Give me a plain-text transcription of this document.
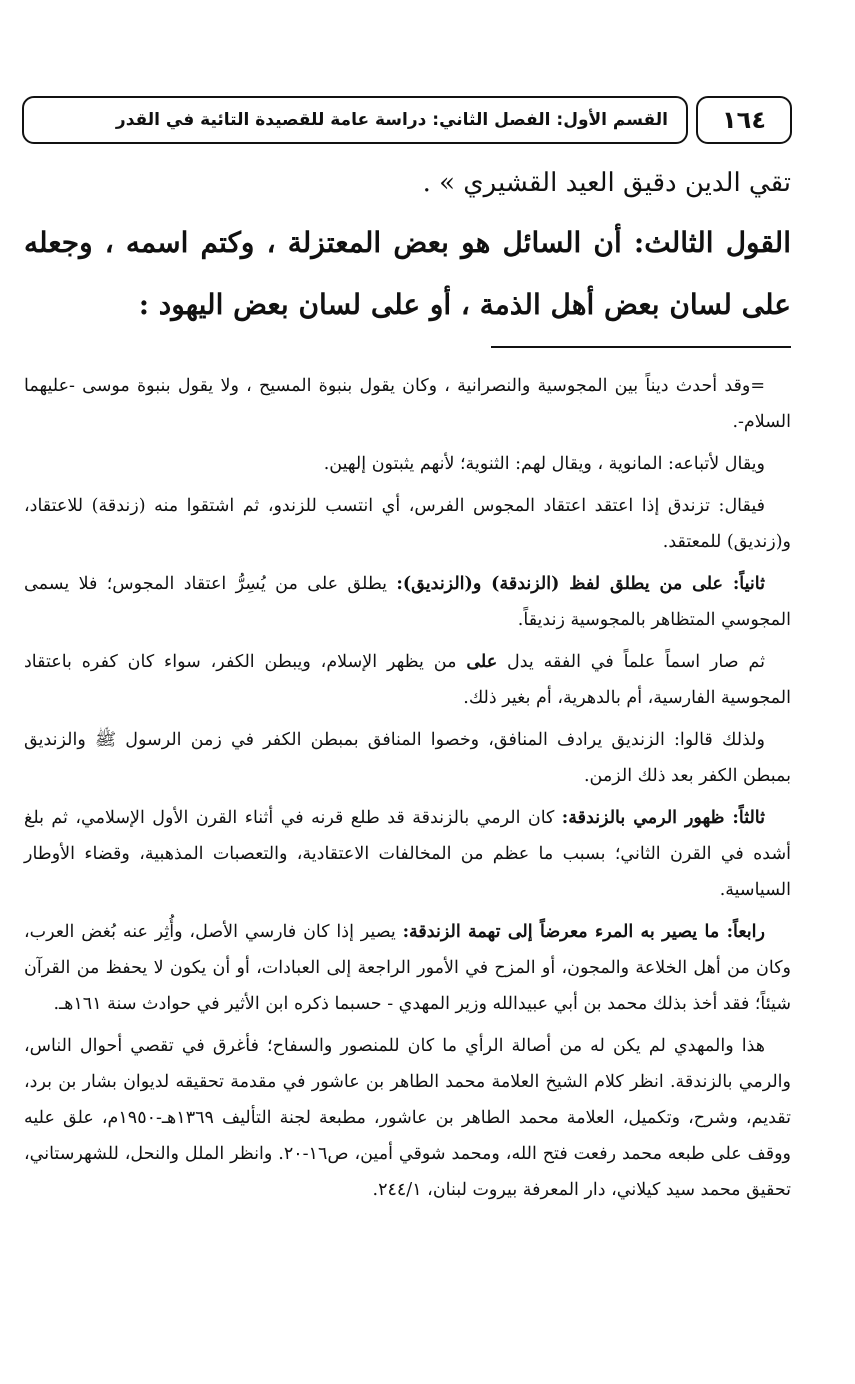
١٦٤
القسم الأول: الفصل الثاني: دراسة عامة للقصيدة التائية في القدر
تقي الدين دقيق العيد القشيري » .
القول الثالث: أن السائل هو بعض المعتزلة ، وكتم اسمه ، وجعله على لسان بعض أهل الذمة ، أو على لسان بعض اليهود :

=وقد أحدث ديناً بين المجوسية والنصرانية ، وكان يقول بنبوة المسيح ، ولا يقول بنبوة موسى -عليهما السلام-.

ويقال لأتباعه: المانوية ، ويقال لهم: الثنوية؛ لأنهم يثبتون إلهين.

فيقال: تزندق إذا اعتقد اعتقاد المجوس الفرس، أي انتسب للزندو، ثم اشتقوا منه (زندقة) للاعتقاد، و(زنديق) للمعتقد.

ثانياً: على من يطلق لفظ (الزندقة) و(الزنديق): يطلق على من يُسِرُّ اعتقاد المجوس؛ فلا يسمى المجوسي المتظاهر بالمجوسية زنديقاً.

ثم صار اسماً علماً في الفقه يدل على من يظهر الإسلام، ويبطن الكفر، سواء كان كفره باعتقاد المجوسية الفارسية، أم بالدهرية، أم بغير ذلك.

ولذلك قالوا: الزنديق يرادف المنافق، وخصوا المنافق بمبطن الكفر في زمن الرسول ﷺ والزنديق بمبطن الكفر بعد ذلك الزمن.

ثالثاً: ظهور الرمي بالزندقة: كان الرمي بالزندقة قد طلع قرنه في أثناء القرن الأول الإسلامي، ثم بلغ أشده في القرن الثاني؛ بسبب ما عظم من المخالفات الاعتقادية، والتعصبات المذهبية، وقضاء الأوطار السياسية.

رابعاً: ما يصير به المرء معرضاً إلى تهمة الزندقة: يصير إذا كان فارسي الأصل، وأُثِر عنه بُغض العرب، وكان من أهل الخلاعة والمجون، أو المزح في الأمور الراجعة إلى العبادات، أو أن يكون لا يحفظ من القرآن شيئاً؛ فقد أخذ بذلك محمد بن أبي عبيدالله وزير المهدي - حسبما ذكره ابن الأثير في حوادث سنة ١٦١هـ.

هذا والمهدي لم يكن له من أصالة الرأي ما كان للمنصور والسفاح؛ فأغرق في تقصي أحوال الناس، والرمي بالزندقة. انظر كلام الشيخ العلامة محمد الطاهر بن عاشور في مقدمة تحقيقه لديوان بشار بن برد، تقديم، وشرح، وتكميل، العلامة محمد الطاهر بن عاشور، مطبعة لجنة التأليف ١٣٦٩هـ-١٩٥٠م، علق عليه ووقف على طبعه محمد رفعت فتح الله، ومحمد شوقي أمين، ص١٦-٢٠. وانظر الملل والنحل، للشهرستاني، تحقيق محمد سيد كيلاني، دار المعرفة بيروت لبنان، ٢٤٤/١.
